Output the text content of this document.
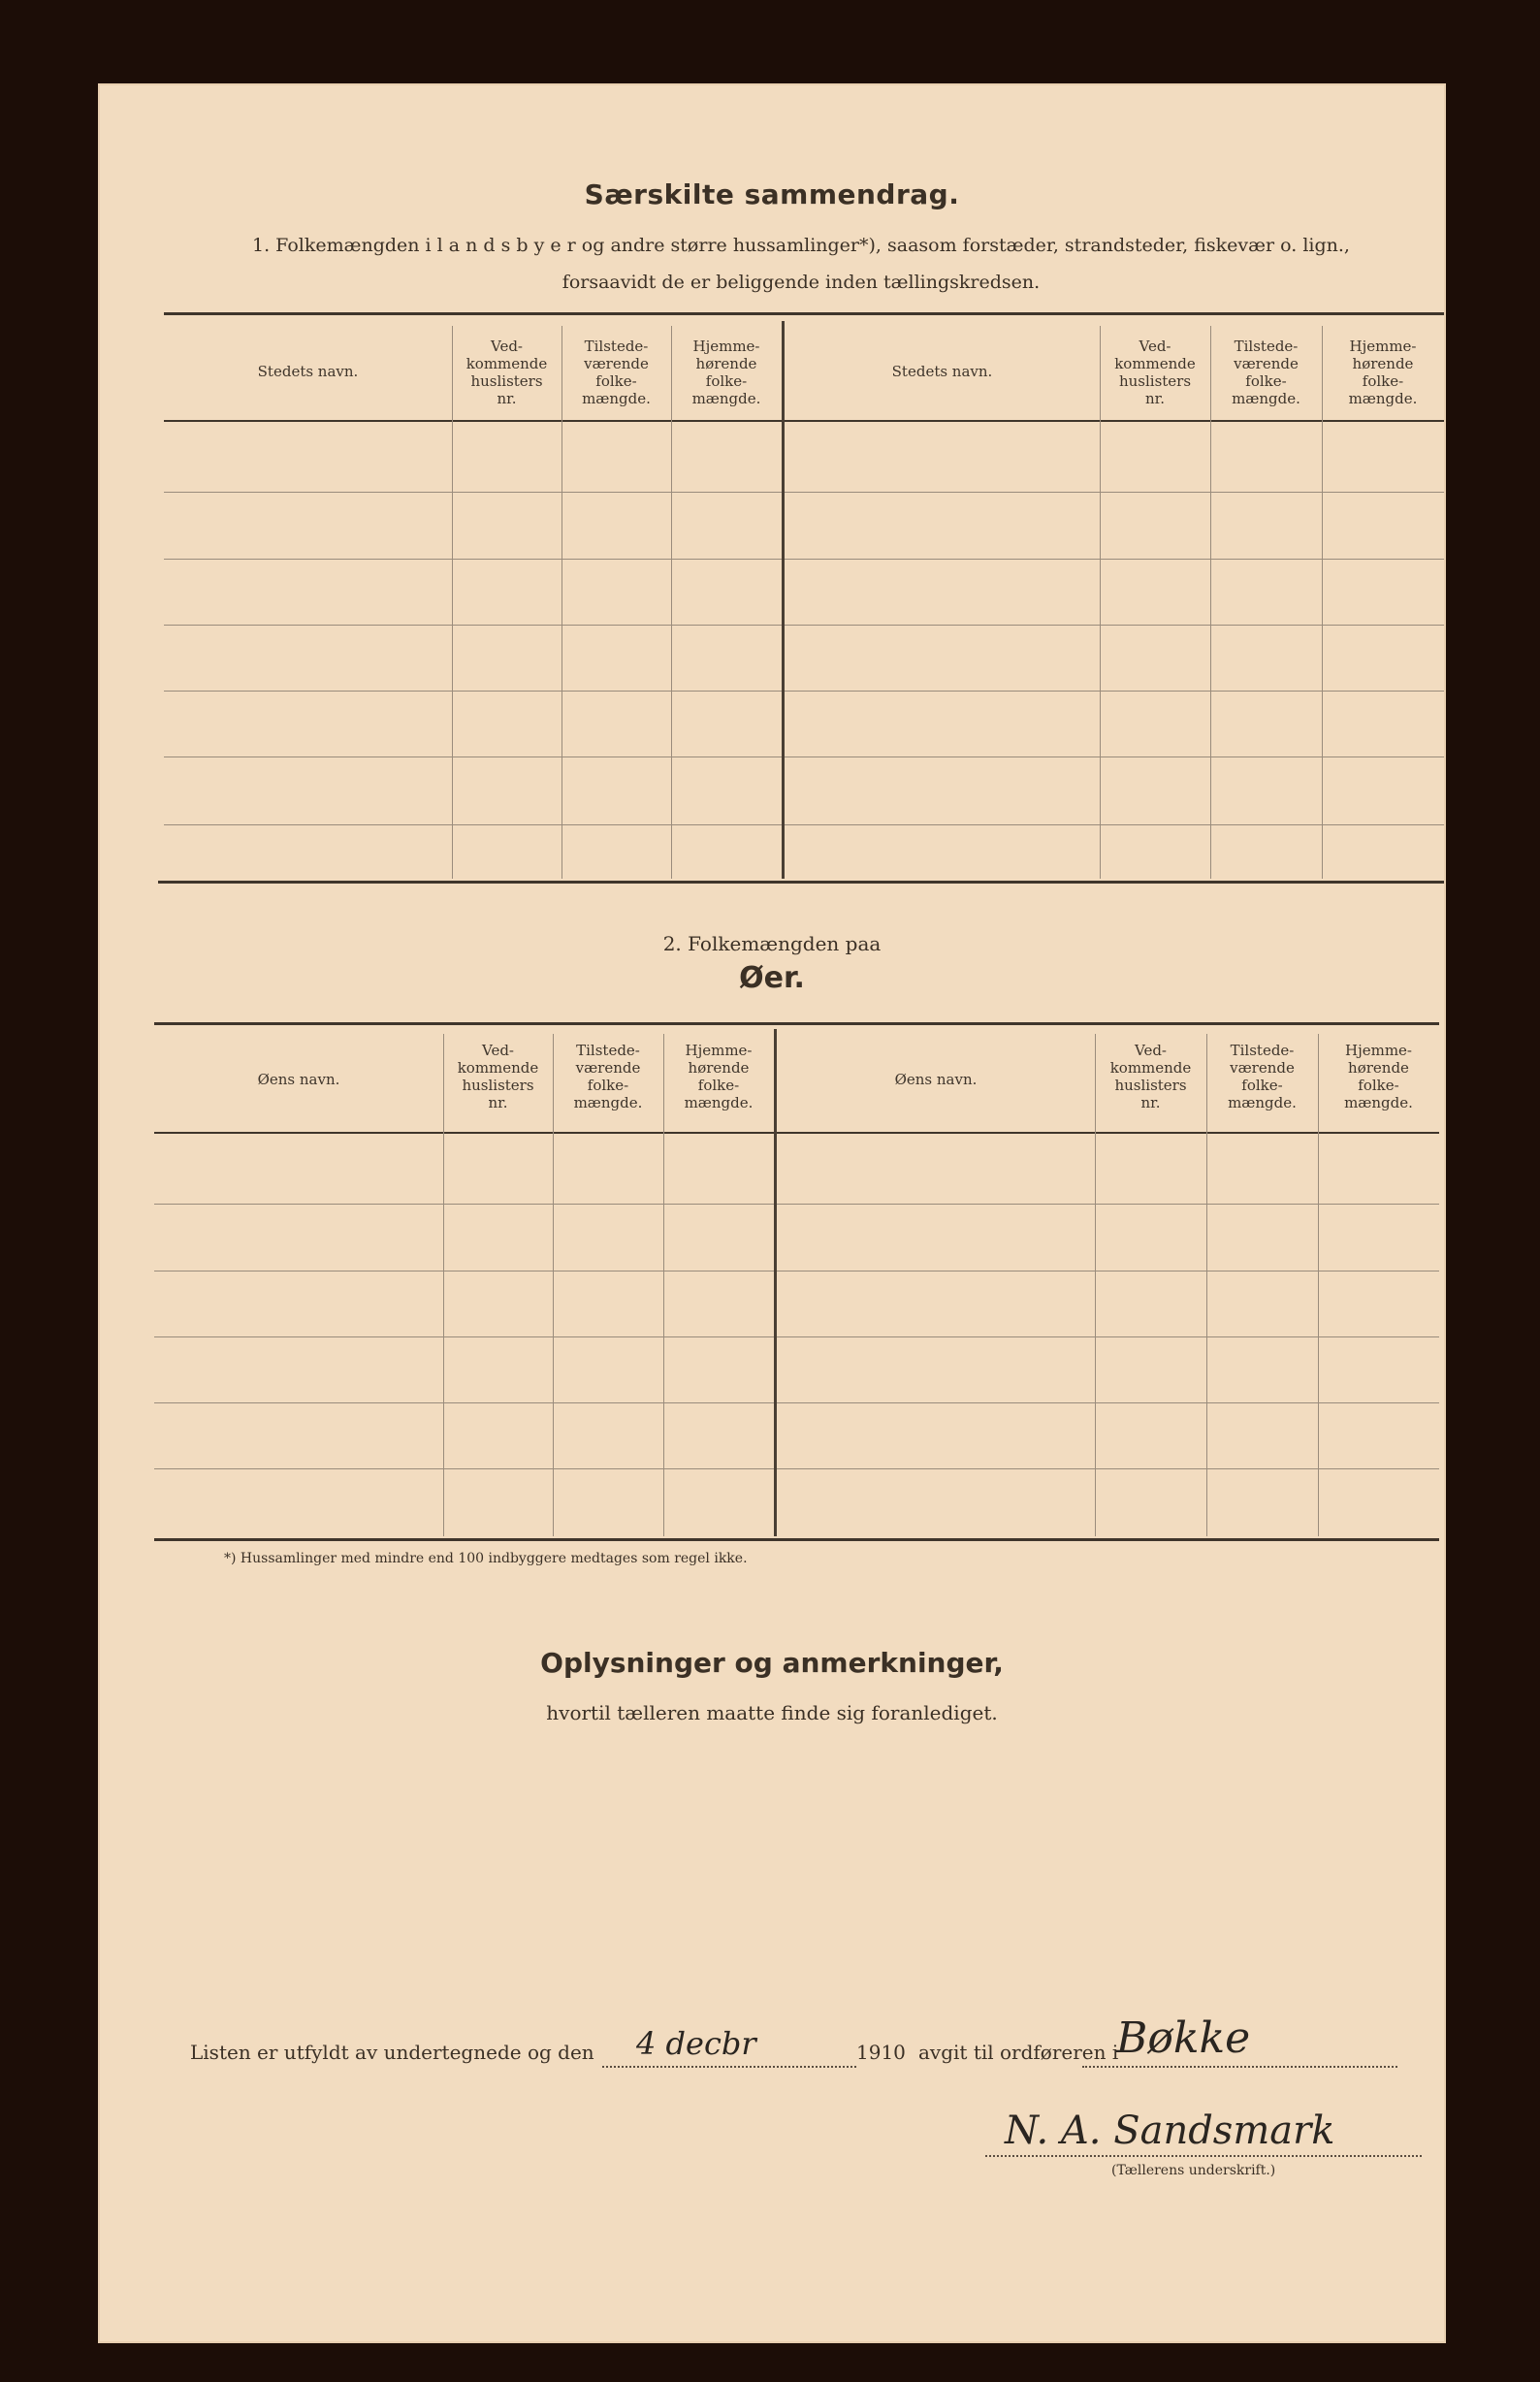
Særskilte sammendrag.
1. Folkemængden i l a n d s b y e r og andre større hussamlinger*), saasom forstæder, strandsteder, fiskevær o. lign.,
forsaavidt de er beliggende inden tællingskredsen.
Stedets navn.
Ved-
kommende
huslisters
nr.
Tilstede-
værende
folke-
mængde.
Hjemme-
hørende
folke-
mængde.
Stedets navn.
Ved-
kommende
huslisters
nr.
Tilstede-
værende
folke-
mængde.
Hjemme-
hørende
folke-
mængde.
2. Folkemængden paa
Øer.
Øens navn.
Ved-
kommende
huslisters
nr.
Tilstede-
værende
folke-
mængde.
Hjemme-
hørende
folke-
mængde.
Øens navn.
Ved-
kommende
huslisters
nr.
Tilstede-
værende
folke-
mængde.
Hjemme-
hørende
folke-
mængde.
*) Hussamlinger med mindre end 100 indbyggere medtages som regel ikke.
Oplysninger og anmerkninger,
hvortil tælleren maatte finde sig foranlediget.
Listen er utfyldt av undertegnede og den 4 decbr	1910 avgit til ordføreren i
Bøkke
N. A. Sandsmark
(Tællerens underskrift.)
